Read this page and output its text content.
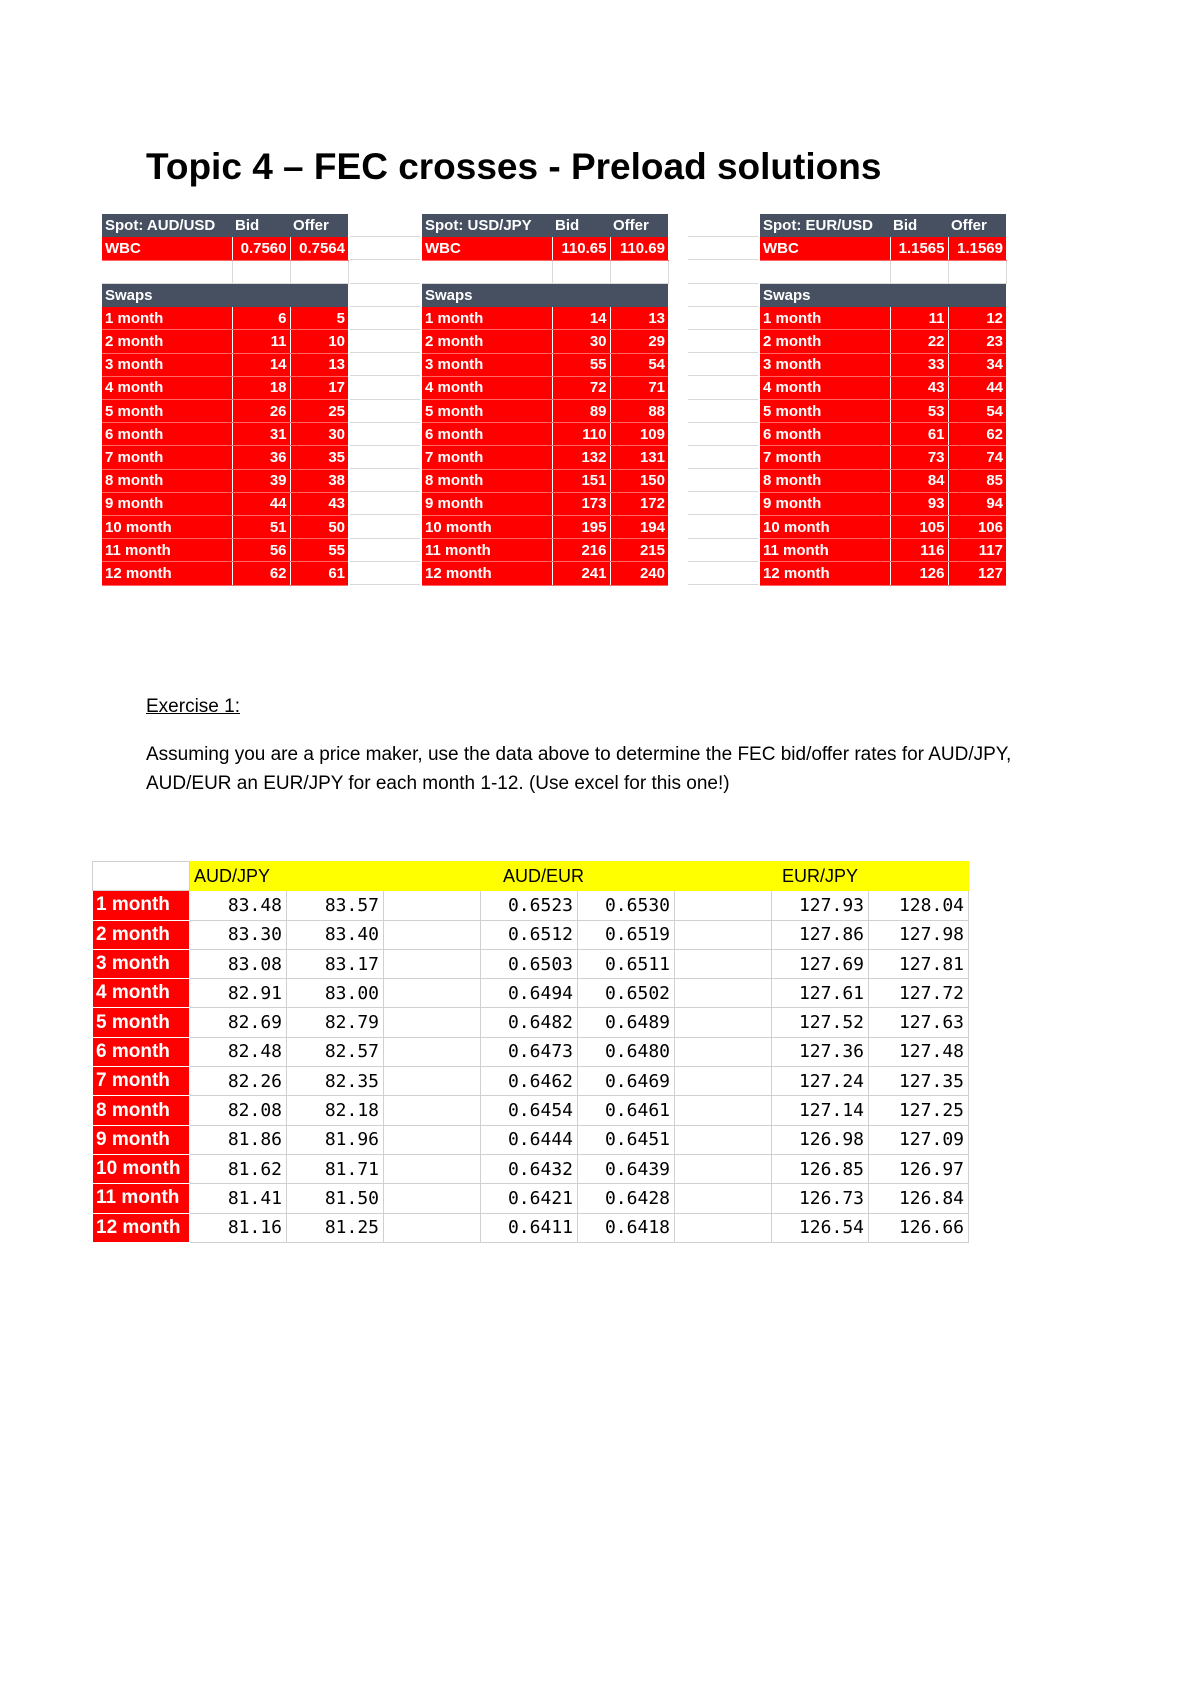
Topic 4 – FEC crosses - Preload solutions
Spot: AUD/USD	Bid	Offer
WBC	0.7560	0.7564

Swaps		
1 month	6	5
2 month	11	10
3 month	14	13
4 month	18	17
5 month	26	25
6 month	31	30
7 month	36	35
8 month	39	38
9 month	44	43
10 month	51	50
11 month	56	55
12 month	62	61
Spot: USD/JPY	Bid	Offer
WBC	110.65	110.69

Swaps		
1 month	14	13
2 month	30	29
3 month	55	54
4 month	72	71
5 month	89	88
6 month	110	109
7 month	132	131
8 month	151	150
9 month	173	172
10 month	195	194
11 month	216	215
12 month	241	240
Spot: EUR/USD	Bid	Offer
WBC	1.1565	1.1569

Swaps		
1 month	11	12
2 month	22	23
3 month	33	34
4 month	43	44
5 month	53	54
6 month	61	62
7 month	73	74
8 month	84	85
9 month	93	94
10 month	105	106
11 month	116	117
12 month	126	127
Exercise 1:
Assuming you are a price maker, use the data above to determine the FEC bid/offer rates for AUD/JPY, AUD/EUR an EUR/JPY for each month 1-12. (Use excel for this one!)
	AUD/JPY			AUD/EUR			EUR/JPY	
1 month	83.48	83.57		0.6523	0.6530		127.93	128.04
2 month	83.30	83.40		0.6512	0.6519		127.86	127.98
3 month	83.08	83.17		0.6503	0.6511		127.69	127.81
4 month	82.91	83.00		0.6494	0.6502		127.61	127.72
5 month	82.69	82.79		0.6482	0.6489		127.52	127.63
6 month	82.48	82.57		0.6473	0.6480		127.36	127.48
7 month	82.26	82.35		0.6462	0.6469		127.24	127.35
8 month	82.08	82.18		0.6454	0.6461		127.14	127.25
9 month	81.86	81.96		0.6444	0.6451		126.98	127.09
10 month	81.62	81.71		0.6432	0.6439		126.85	126.97
11 month	81.41	81.50		0.6421	0.6428		126.73	126.84
12 month	81.16	81.25		0.6411	0.6418		126.54	126.66
